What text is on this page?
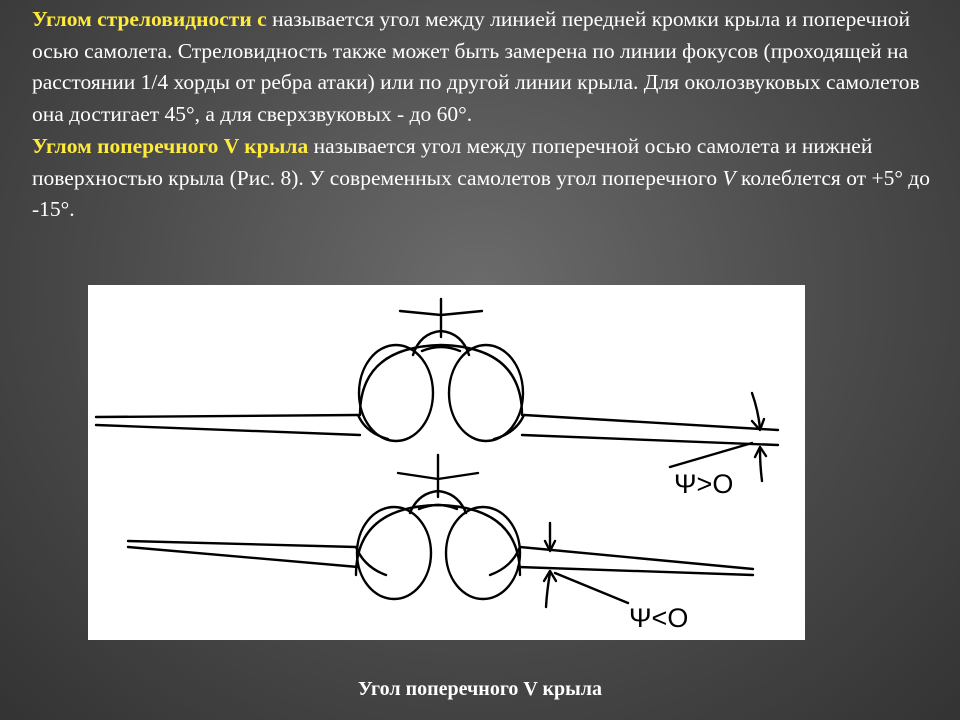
Углом стреловидности с называется угол между линией передней кромки крыла и поперечной осью самолета. Стреловидность также может быть замерена по линии фокусов (проходящей на расстоянии 1/4 хорды от ребра атаки) или по другой линии крыла. Для околозвуковых самолетов она достигает 45°, а для сверхзвуковых - до 60°.

Углом поперечного V крыла называется угол между поперечной осью самолета и нижней поверхностью крыла (Рис. 8). У современных самолетов угол поперечного V колеблется от +5° до -15°.

Ψ>O
Ψ<O
Угол поперечного V крыла
